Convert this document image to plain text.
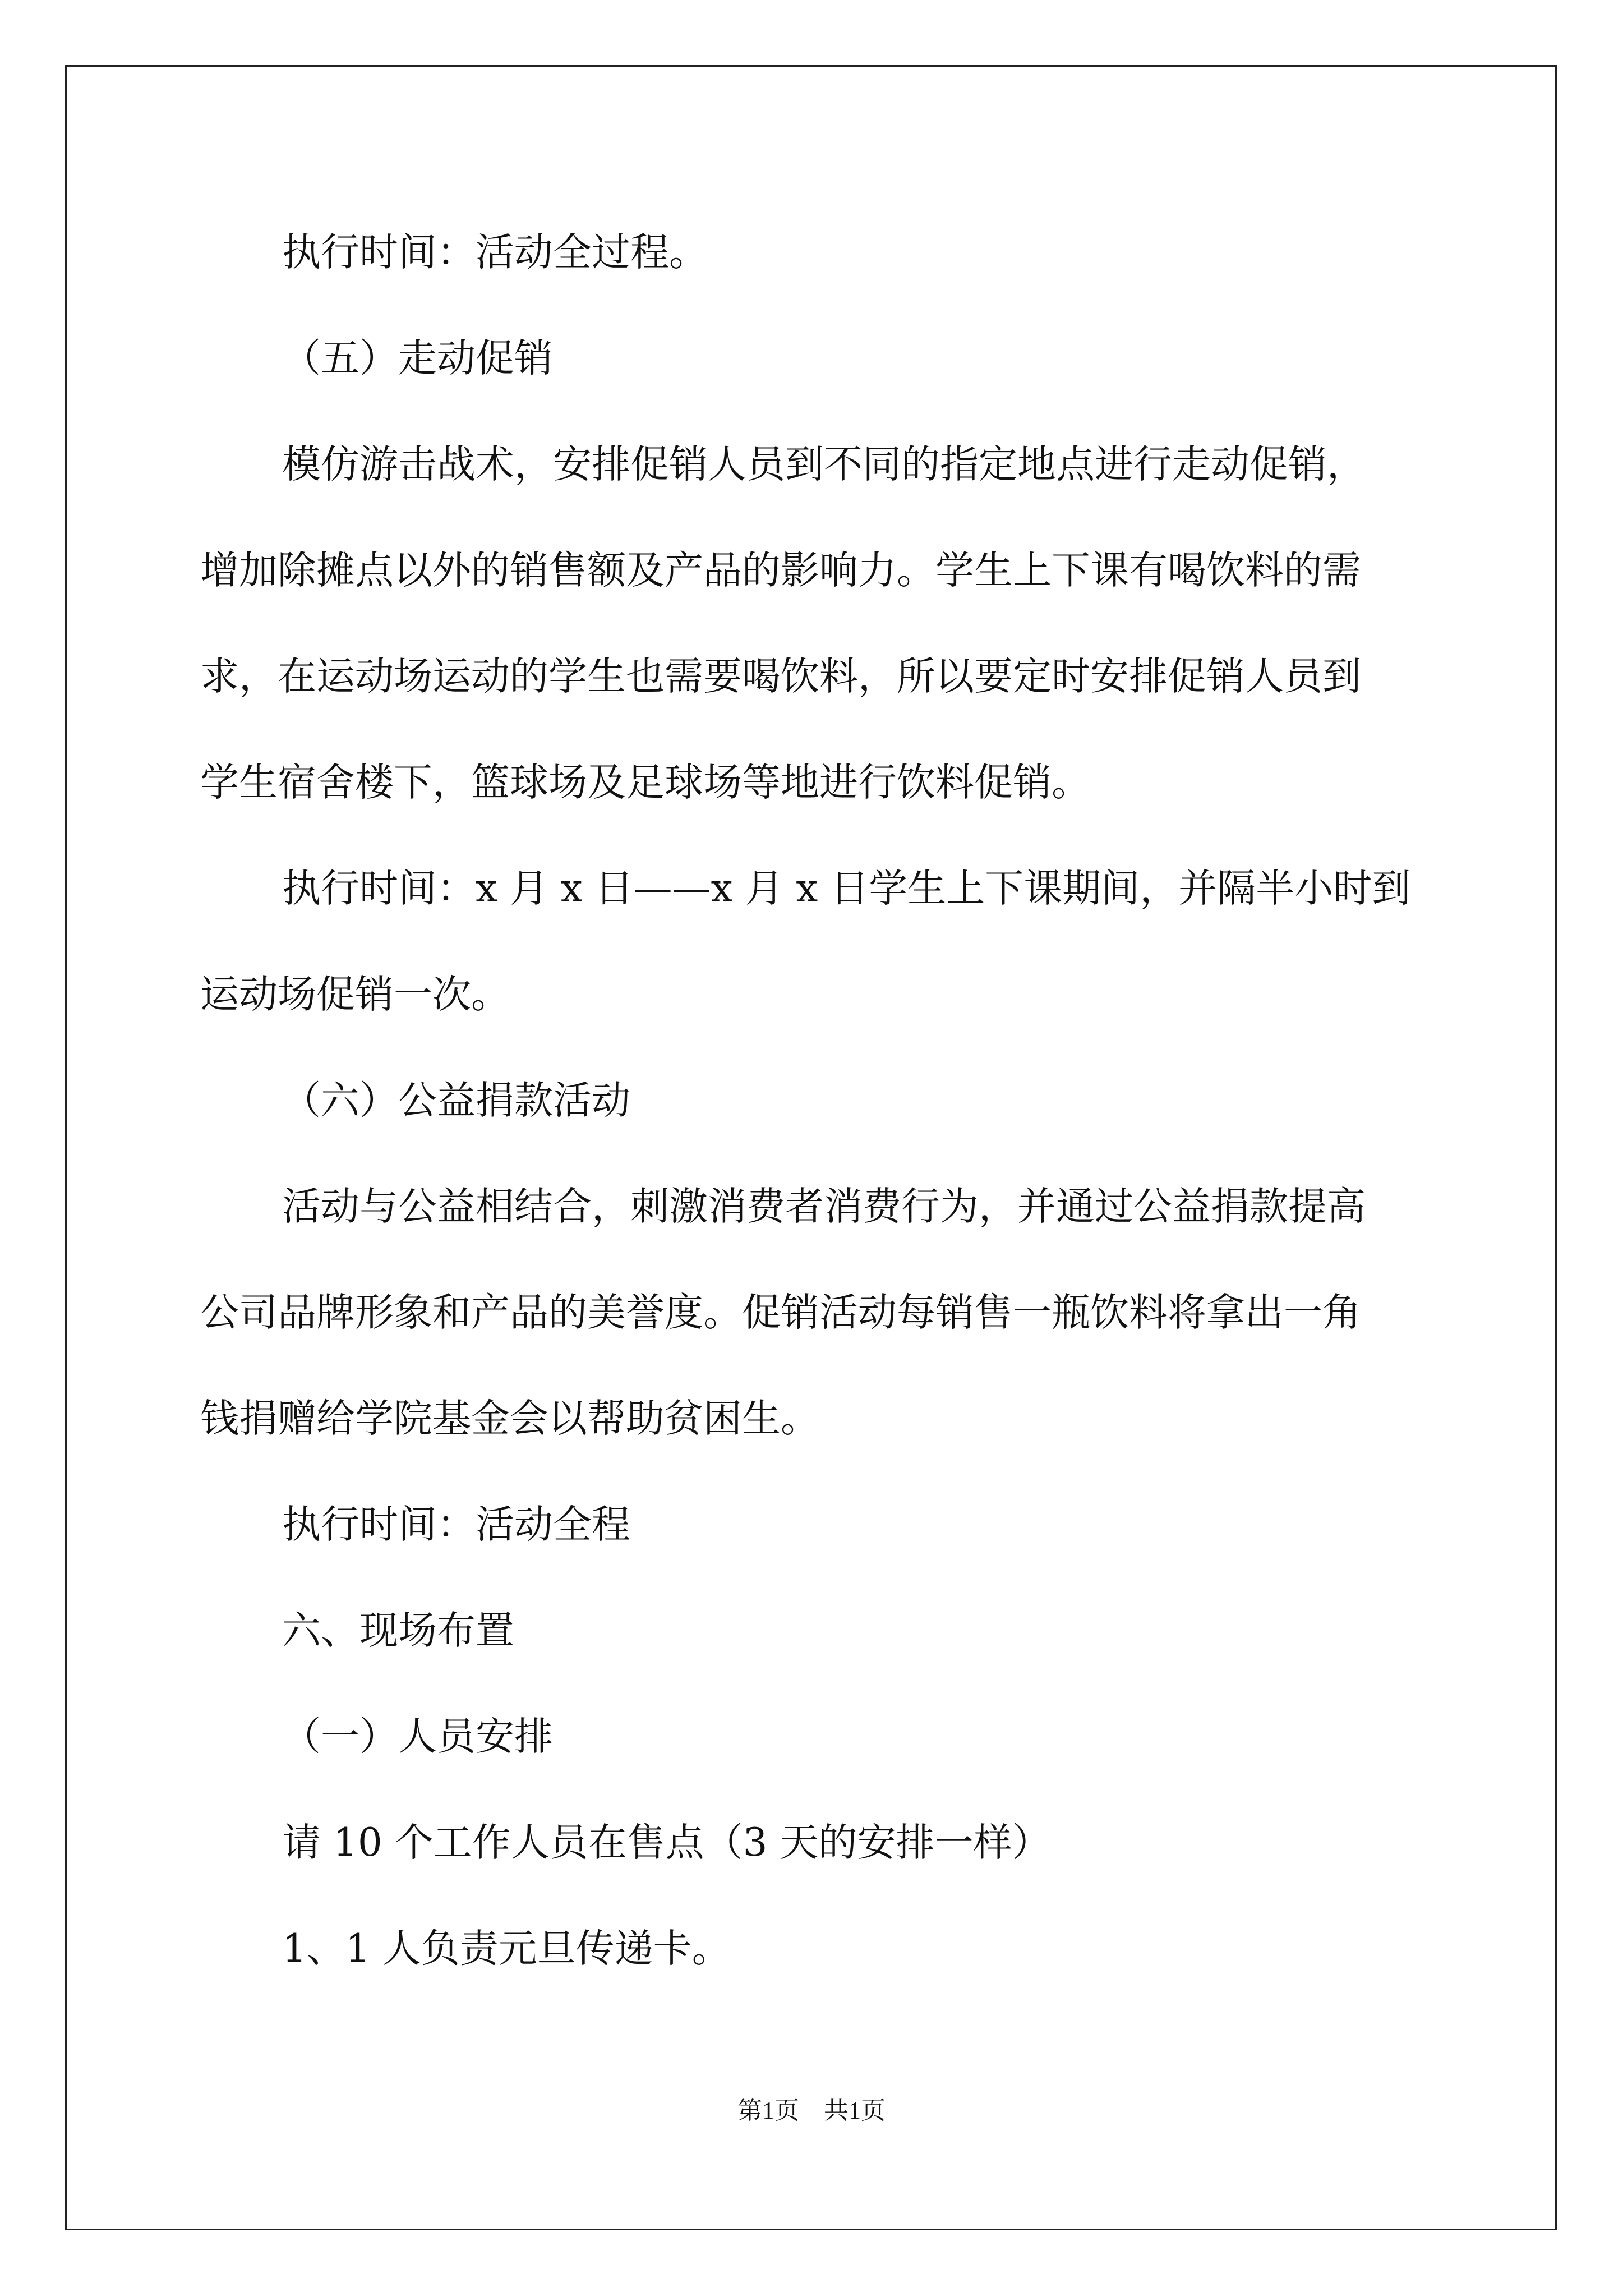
执行时间：活动全过程。
（五）走动促销
模仿游击战术，安排促销人员到不同的指定地点进行走动促销，
增加除摊点以外的销售额及产品的影响力。学生上下课有喝饮料的需
求，在运动场运动的学生也需要喝饮料，所以要定时安排促销人员到
学生宿舍楼下，篮球场及足球场等地进行饮料促销。
执行时间：x 月 x 日——x 月 x 日学生上下课期间，并隔半小时到
运动场促销一次。
（六）公益捐款活动
活动与公益相结合，刺激消费者消费行为，并通过公益捐款提高
公司品牌形象和产品的美誉度。促销活动每销售一瓶饮料将拿出一角
钱捐赠给学院基金会以帮助贫困生。
执行时间：活动全程
六、现场布置
（一）人员安排
请 10 个工作人员在售点（3 天的安排一样）
1、1 人负责元旦传递卡。
第1页　共1页
